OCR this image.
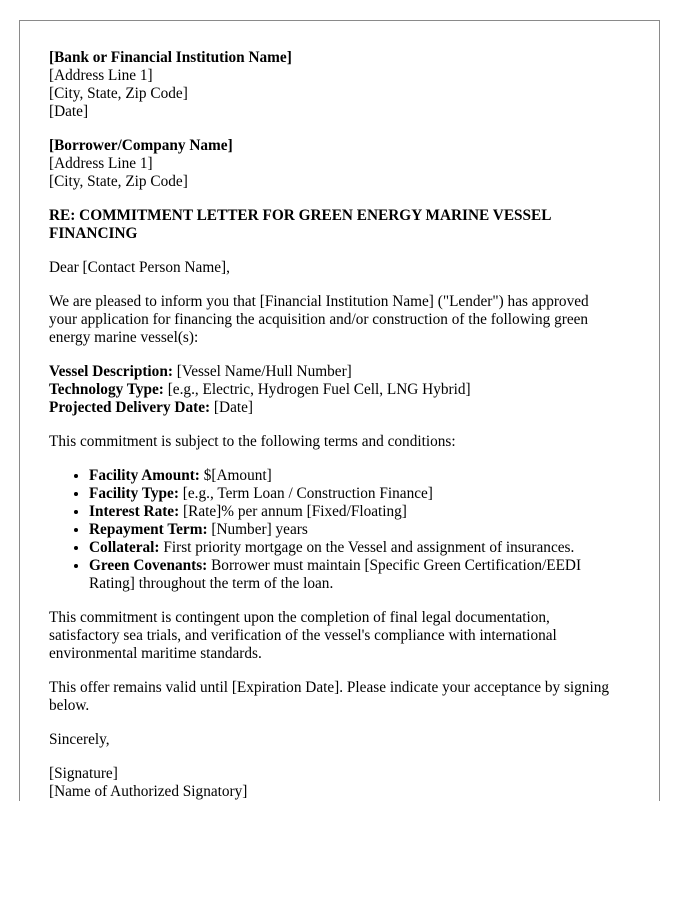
[Bank or Financial Institution Name]
[Address Line 1]
[City, State, Zip Code]
[Date]
[Borrower/Company Name]
[Address Line 1]
[City, State, Zip Code]
RE: COMMITMENT LETTER FOR GREEN ENERGY MARINE VESSEL FINANCING

Dear [Contact Person Name],

We are pleased to inform you that [Financial Institution Name] ("Lender") has approved your application for financing the acquisition and/or construction of the following green energy marine vessel(s):

Vessel Description: [Vessel Name/Hull Number]
Technology Type: [e.g., Electric, Hydrogen Fuel Cell, LNG Hybrid]
Projected Delivery Date: [Date]

This commitment is subject to the following terms and conditions:

• Facility Amount: $[Amount]
• Facility Type: [e.g., Term Loan / Construction Finance]
• Interest Rate: [Rate]% per annum [Fixed/Floating]
• Repayment Term: [Number] years
• Collateral: First priority mortgage on the Vessel and assignment of insurances.
• Green Covenants: Borrower must maintain [Specific Green Certification/EEDI Rating] throughout the term of the loan.

This commitment is contingent upon the completion of final legal documentation, satisfactory sea trials, and verification of the vessel's compliance with international environmental maritime standards.

This offer remains valid until [Expiration Date]. Please indicate your acceptance by signing below.

Sincerely,

[Signature]
[Name of Authorized Signatory]
